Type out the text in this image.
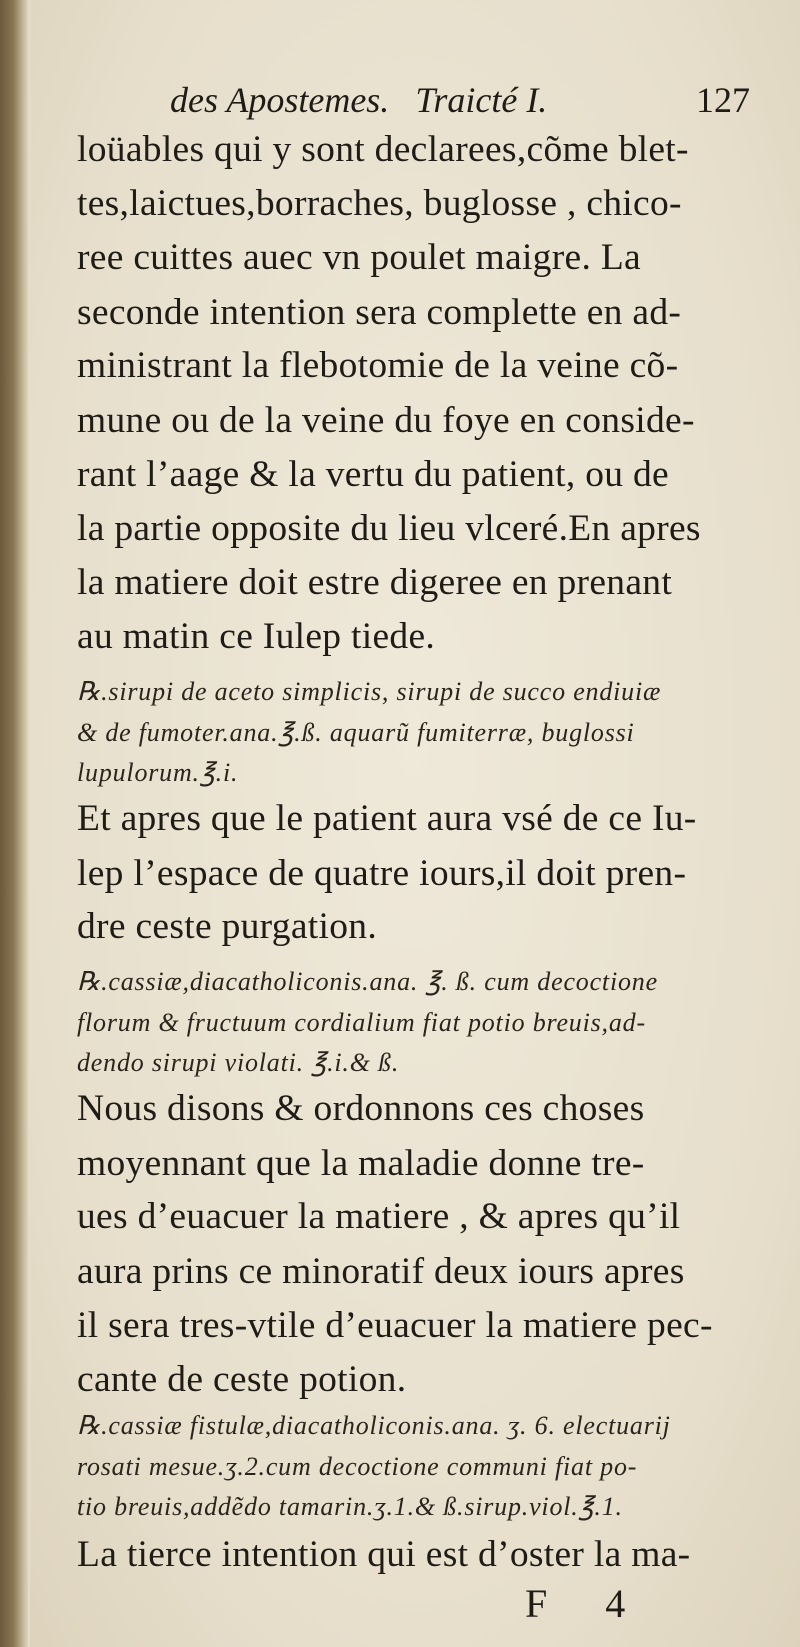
des Apostemes. Traicté I.	127
loüables qui y sont declarees,cõme blet-
tes,laictues,borraches, buglosse , chico-
ree cuittes auec vn poulet maigre. La
seconde intention sera complette en ad-
ministrant la flebotomie de la veine cõ-
mune ou de la veine du foye en conside-
rant l’aage & la vertu du patient, ou de
la partie opposite du lieu vlceré.En apres
la matiere doit estre digeree en prenant
au matin ce Iulep tiede.
℞.sirupi de aceto simplicis, sirupi de succo endiuiæ
& de fumoter.ana.℥.ß. aquarũ fumiterræ, buglossi
lupulorum.℥.i.
Et apres que le patient aura vsé de ce Iu-
lep l’espace de quatre iours,il doit pren-
dre ceste purgation.
℞.cassiæ,diacatholiconis.ana. ℥. ß. cum decoctione
florum & fructuum cordialium fiat potio breuis,ad-
dendo sirupi violati. ℥.i.& ß.
Nous disons & ordonnons ces choses
moyennant que la maladie donne tre-
ues d’euacuer la matiere , & apres qu’il
aura prins ce minoratif deux iours apres
il sera tres-vtile d’euacuer la matiere pec-
cante de ceste potion.
℞.cassiæ fistulæ,diacatholiconis.ana. ʒ. 6. electuarij
rosati mesue.ʒ.2.cum decoctione communi fiat po-
tio breuis,addẽdo tamarin.ʒ.1.& ß.sirup.viol.℥.1.
La tierce intention qui est d’oster la ma-
F 4
